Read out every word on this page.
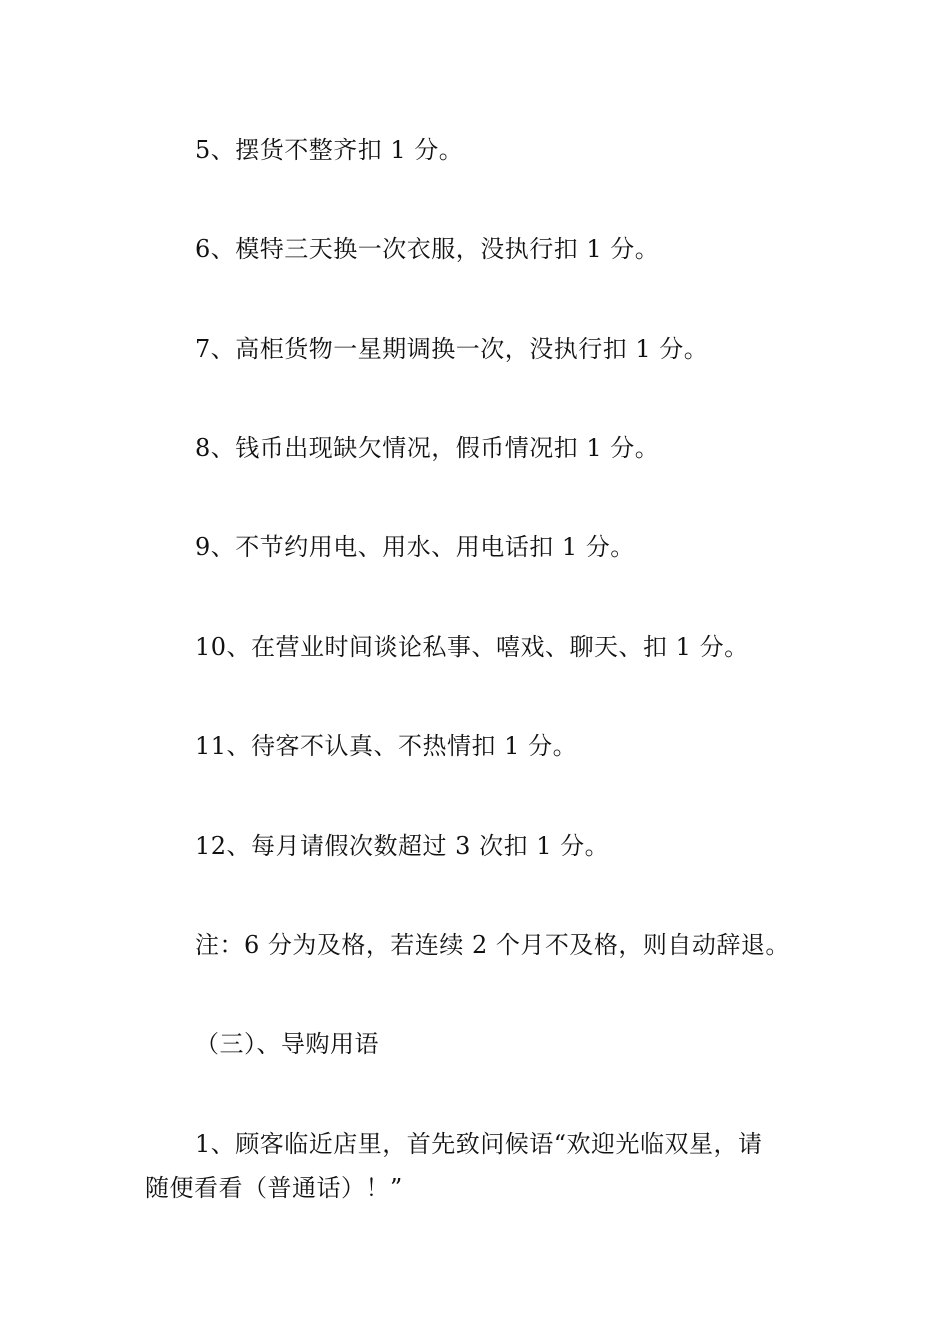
5、摆货不整齐扣 1 分。
6、模特三天换一次衣服，没执行扣 1 分。
7、高柜货物一星期调换一次，没执行扣 1 分。
8、钱币出现缺欠情况，假币情况扣 1 分。
9、不节约用电、用水、用电话扣 1 分。
10、在营业时间谈论私事、嘻戏、聊天、扣 1 分。
11、待客不认真、不热情扣 1 分。
12、每月请假次数超过 3 次扣 1 分。
注：6 分为及格，若连续 2 个月不及格，则自动辞退。
（三）、导购用语
1、顾客临近店里，首先致问候语“欢迎光临双星，请
随便看看（普通话）！”
